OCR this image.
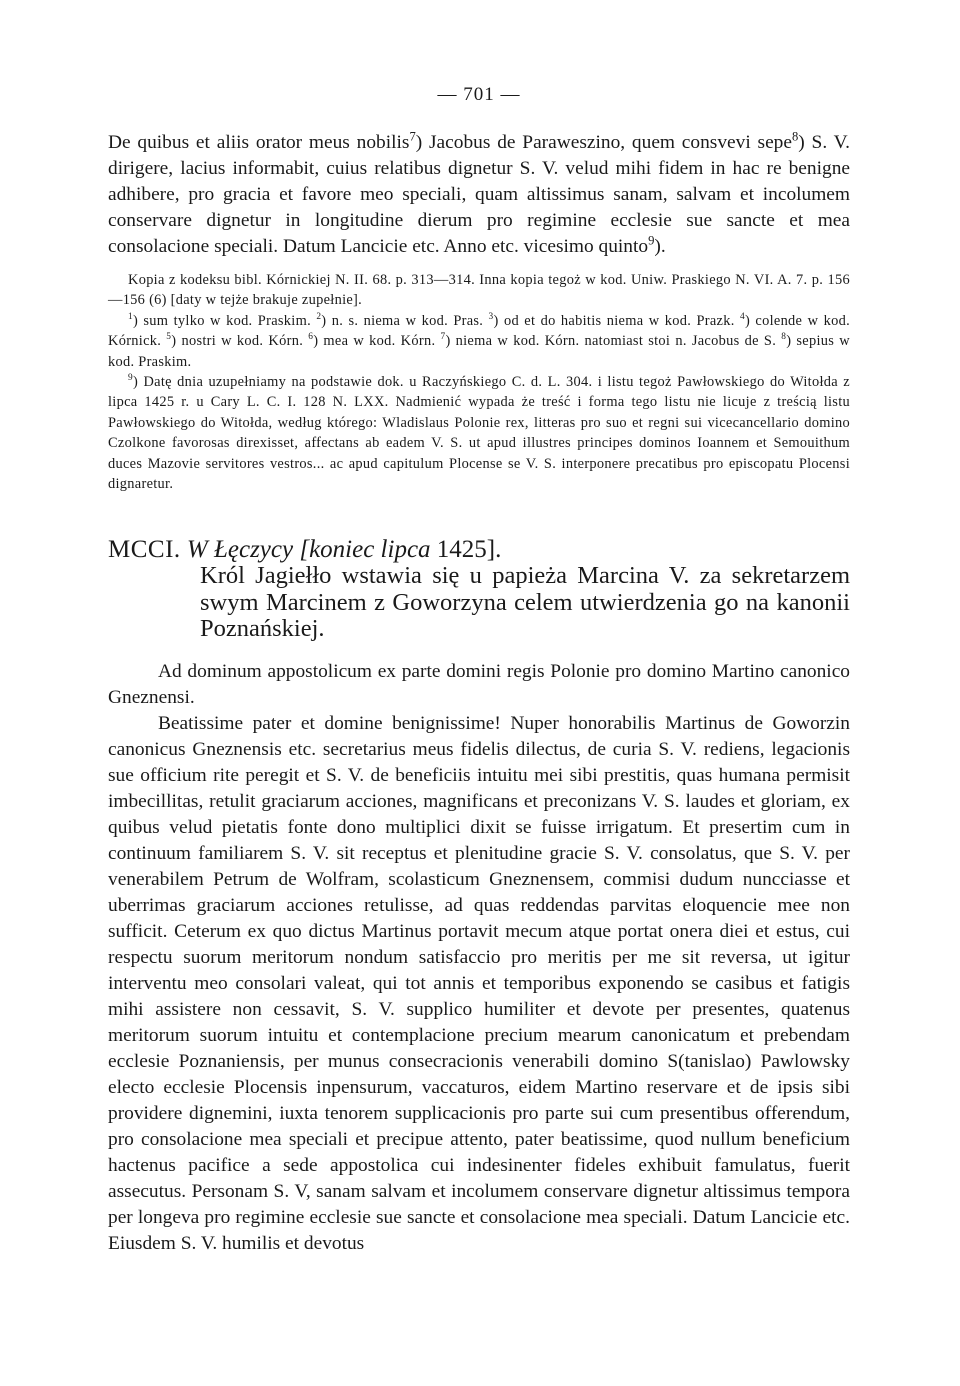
— 701 —

De quibus et aliis orator meus nobilis$^7$) Jacobus de Paraweszino, quem consvevi sepe$^8$) S. V. dirigere, lacius informabit, cuius relatibus dignetur S. V. velud mihi fidem in hac re benigne adhibere, pro gracia et favore meo speciali, quam altissimus sanam, salvam et incolumem conservare dignetur in longitudine dierum pro regimine ecclesie sue sancte et mea consolacione speciali. Datum Lancicie etc. Anno etc. vicesimo quinto$^9$).

Kopia z kodeksu bibl. Kórnickiej N. II. 68. p. 313—314. Inna kopia tegoż w kod. Uniw. Praskiego N. VI. A. 7. p. 156—156 (6) [daty w tejże brakuje zupełnie].

$^1$) sum tylko w kod. Praskim. $^2$) n. s. niema w kod. Pras. $^3$) od et do habitis niema w kod. Prazk. $^4$) colende w kod. Kórnick. $^5$) nostri w kod. Kórn. $^6$) mea w kod. Kórn. $^7$) niema w kod. Kórn. natomiast stoi n. Jacobus de S. $^8$) sepius w kod. Praskim.

$^9$) Datę dnia uzupełniamy na podstawie dok. u Raczyńskiego C. d. L. 304. i listu tegoż Pawłowskiego do Witołda z lipca 1425 r. u Cary L. C. I. 128 N. LXX. Nadmienić wypada że treść i forma tego listu nie licuje z treścią listu Pawłowskiego do Witołda, według którego: Wladislaus Polonie rex, litteras pro suo et regni sui vicecancellario domino Czolkone favorosas direxisset, affectans ab eadem V. S. ut apud illustres principes dominos Ioannem et Semouithum duces Mazovie servitores vestros... ac apud capitulum Plocense se V. S. interponere precatibus pro episcopatu Plocensi dignaretur.

MCCI. W Łęczycy [koniec lipca 1425].
Król Jagiełło wstawia się u papieża Marcina V. za sekretarzem swym Marcinem z Goworzyna celem utwierdzenia go na kanonii Poznańskiej.

Ad dominum appostolicum ex parte domini regis Polonie pro domino Martino canonico Gneznensi.

Beatissime pater et domine benignissime! Nuper honorabilis Martinus de Goworzin canonicus Gneznensis etc. secretarius meus fidelis dilectus, de curia S. V. rediens, legacionis sue officium rite peregit et S. V. de beneficiis intuitu mei sibi prestitis, quas humana permisit imbecillitas, retulit graciarum acciones, magnificans et preconizans V. S. laudes et gloriam, ex quibus velud pietatis fonte dono multiplici dixit se fuisse irrigatum. Et presertim cum in continuum familiarem S. V. sit receptus et plenitudine gracie S. V. consolatus, que S. V. per venerabilem Petrum de Wolfram, scolasticum Gneznensem, commisi dudum nuncciasse et uberrimas graciarum acciones retulisse, ad quas reddendas parvitas eloquencie mee non sufficit. Ceterum ex quo dictus Martinus portavit mecum atque portat onera diei et estus, cui respectu suorum meritorum nondum satisfaccio pro meritis per me sit reversa, ut igitur interventu meo consolari valeat, qui tot annis et temporibus exponendo se casibus et fatigis mihi assistere non cessavit, S. V. supplico humiliter et devote per presentes, quatenus meritorum suorum intuitu et contemplacione precium mearum canonicatum et prebendam ecclesie Poznaniensis, per munus consecracionis venerabili domino S(tanislao) Pawlowsky electo ecclesie Plocensis inpensurum, vaccaturos, eidem Martino reservare et de ipsis sibi providere dignemini, iuxta tenorem supplicacionis pro parte sui cum presentibus offerendum, pro consolacione mea speciali et precipue attento, pater beatissime, quod nullum beneficium hactenus pacifice a sede appostolica cui indesinenter fideles exhibuit famulatus, fuerit assecutus. Personam S. V, sanam salvam et incolumem conservare dignetur altissimus tempora per longeva pro regimine ecclesie sue sancte et consolacione mea speciali. Datum Lancicie etc. Eiusdem S. V. humilis et devotus
